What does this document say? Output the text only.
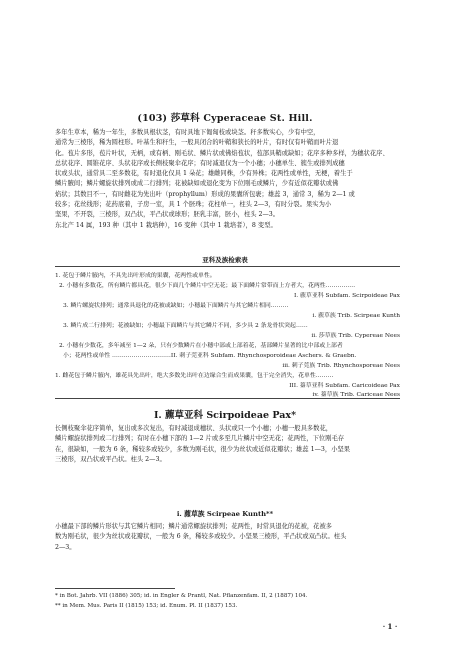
(103) 莎草科 Cyperaceae St. Hill.
多年生草本，稀为一年生，多数具根状茎，有时具地下匍匐枝或块茎。秆多数实心，少有中空，
通常为三棱形，稀为圆柱形。叶基生和秆生，一般具闭合的叶鞘和狭长的叶片，有时仅有叶鞘而叶片退
化。苞片多形，苞片叶状，无柄，或有柄、刚毛状、鳞片状或佛焰苞状，苞部具鞘或缺如；花序多种多样，为穗状花序、
总状花序、圆锥花序、头状花序或长侧枝聚伞花序；有时减退仅为一个小穗；小穗单生、簇生或排列成穗
状或头状，通常具二至多数花，有时退化仅具 1 朵花；雄雌同株，少有异株；花两性或单性，无梗，着生于
鳞片腋间；鳞片螺旋状排列或成二行排列；花被缺如或退化变为下位刚毛或鳞片，少有近似花瓣状或佛
焰状；其数目不一，有时雌花为先出叶（prophyllum）形成的果囊所包裹；雄蕊 3，通常 3，稀为 2—1 或
较多；花丝线形；花药底着，子房一室，具 1 个胚珠；花柱单一，柱头 2—3，有时分裂。果实为小
坚果，不开裂，三棱形，双凸状，平凸状或球形；胚乳丰富，胚小，柱头 2—3。
东北产 14 属，193 种（其中 1 栽培种），16 变种（其中 1 栽培者），8 变型。
亚科及族检索表
1. 花包于鳞片腋内，不具先出叶形成的果囊，花两性或单性。
2. 小穗有多数花，所有鳞片都具花，很少下面几个鳞片中空无花；最下面鳞片常带而上方者大，花两性……………
I. 藨草亚科 Subfam. Scirpoideae Pax
3. 鳞片螺旋状排列；通常具退化的花被或缺如；小穗最下面鳞片与其它鳞片相同………
i. 藨草族 Trib. Scirpeae Kunth
3. 鳞片成二行排列；花被缺如；小穗最下面鳞片与其它鳞片不同，多少具 2 条龙骨状突起……
ii. 莎草族 Trib. Cypereae Nees
2. 小穗有少数花，多年减至 1—2 朵，只有少数鳞片在小穗中部或上部着花，基部鳞片显著的比中部或上部者
小；花两性或单性 …………………………II. 刺子莞亚科 Subfam. Rhynchosporoideae Aschers. & Graebn.
iii. 刺子莞族 Trib. Rhynchosporeae Nees
1. 雌花包于鳞片腋内，雄花具先出叶，绝大多数先出叶在边缘合生而成果囊，包于完全消失，花单性………
III. 薹草亚科 Subfam. Caricoideae Pax
iv. 薹草族 Trib. Cariceae Nees
I. 藨草亚科 Scirpoideae Pax*
长侧枝聚伞花序简单，复出或多次复出，有时减退成穗状、头状或只一个小穗；小穗一般具多数花，
鳞片螺旋状排列或二行排列；有时在小穗下部的 1—2 片或多至几片鳞片中空无花；花两性，下位刚毛存
在，很缺如，一般为 6 条，稀较多或较少，多数为刚毛状，很少为丝状或近似花瓣状；雄蕊 1—3，小坚果
三棱形，双凸状或平凸状。柱头 2—3。
i. 藨草族 Scirpeae Kunth**
小穗最下部的鳞片形状与其它鳞片相同；鳞片通常螺旋状排列；花两性，时常具退化的花被，花被多
数为刚毛状，很少为丝状或花瓣状，一般为 6 条，稀较多或较少。小坚果三棱形，平凸状或双凸状。柱头
2—3。
* in Bot. Jahrb. VII (1886) 305; id. in Engler & Prantl, Nat. Pflanzenfam. II, 2 (1887) 104.
** in Mem. Mus. Paris II (1815) 153; id. Enum. Pl. II (1837) 153.
· 1 ·
